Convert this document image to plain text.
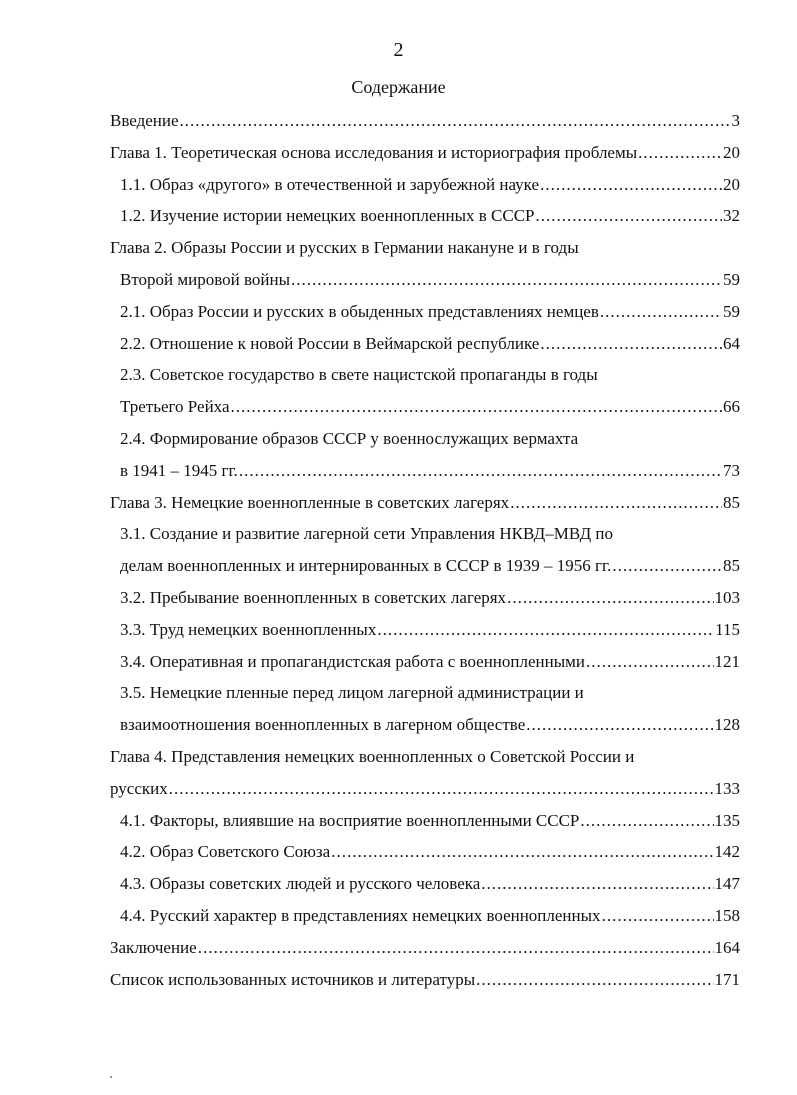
2
Содержание
Введение .....	3
Глава 1. Теоретическая основа исследования и историография проблемы .....	20
1.1. Образ «другого» в отечественной и зарубежной науке .....	20
1.2. Изучение истории немецких военнопленных в СССР .....	32
Глава 2. Образы России и русских в Германии накануне и в годы
Второй мировой войны .....	59
2.1. Образ России и русских в обыденных представлениях немцев .....	59
2.2. Отношение к новой России в Веймарской республике .....	64
2.3. Советское государство в свете нацистской пропаганды в годы
Третьего Рейха .....	66
2.4. Формирование образов СССР у военнослужащих вермахта
в 1941 – 1945 гг. .....	73
Глава 3. Немецкие военнопленные в советских лагерях .....	85
3.1. Создание и развитие лагерной сети Управления НКВД–МВД по
делам военнопленных и интернированных в СССР в 1939 – 1956 гг. .....	85
3.2. Пребывание военнопленных в советских лагерях .....	103
3.3. Труд немецких военнопленных .....	115
3.4. Оперативная и пропагандистская работа с военнопленными .....	121
3.5. Немецкие пленные перед лицом лагерной администрации и
взаимоотношения военнопленных в лагерном обществе .....	128
Глава 4. Представления немецких военнопленных о Советской России и
русских .....	133
4.1. Факторы, влиявшие на восприятие военнопленными СССР .....	135
4.2. Образ Советского Союза .....	142
4.3. Образы советских людей и русского человека .....	147
4.4. Русский характер в представлениях немецких военнопленных .....	158
Заключение .....	164
Список использованных источников и литературы .....	171
